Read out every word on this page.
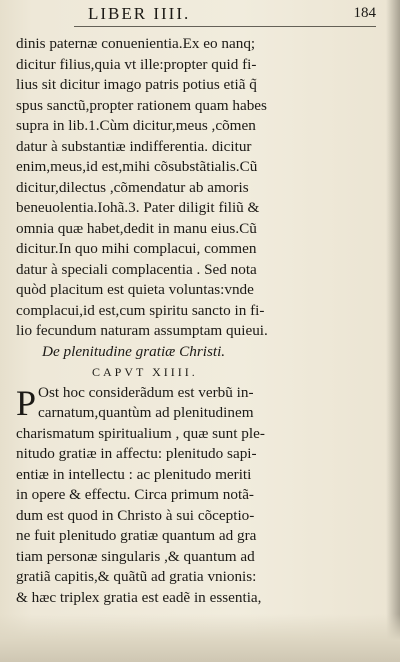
LIBER IIII.	184
dinis paternæ conuenientia.Ex eo nanq;
dicitur filius,quia vt ille:propter quid fi-
lius sit dicitur imago patris potius etiã q̃
spus sanctũ,propter rationem quam habes
supra in lib.1.Cùm dicitur,meus ,cõmen
datur à substantiæ indifferentia. dicitur
enim,meus,id est,mihi cõsubstãtialis.Cũ
dicitur,dilectus ,cõmendatur ab amoris
beneuolentia.Iohã.3. Pater diligit filiũ &
omnia quæ habet,dedit in manu eius.Cũ
dicitur.In quo mihi complacui, commen
datur à speciali complacentia . Sed nota
quòd placitum est quieta voluntas:vnde
complacui,id est,cum spiritu sancto in fi-
lio fecundum naturam assumptam quieui.
De plenitudine gratiæ Christi.
CAPVT XIIII.
P Ost hoc considerãdum est verbũ in-
carnatum,quantùm ad plenitudinem
charismatum spiritualium , quæ sunt ple-
nitudo gratiæ in affectu: plenitudo sapi-
entiæ in intellectu : ac plenitudo meriti
in opere & effectu. Circa primum notã-
dum est quod in Christo à sui cõceptio-
ne fuit plenitudo gratiæ quantum ad gra
tiam personæ singularis ,& quantum ad
gratiã capitis,& quãtũ ad gratia vnionis:
& hæc triplex gratia est eadẽ in essentia,
